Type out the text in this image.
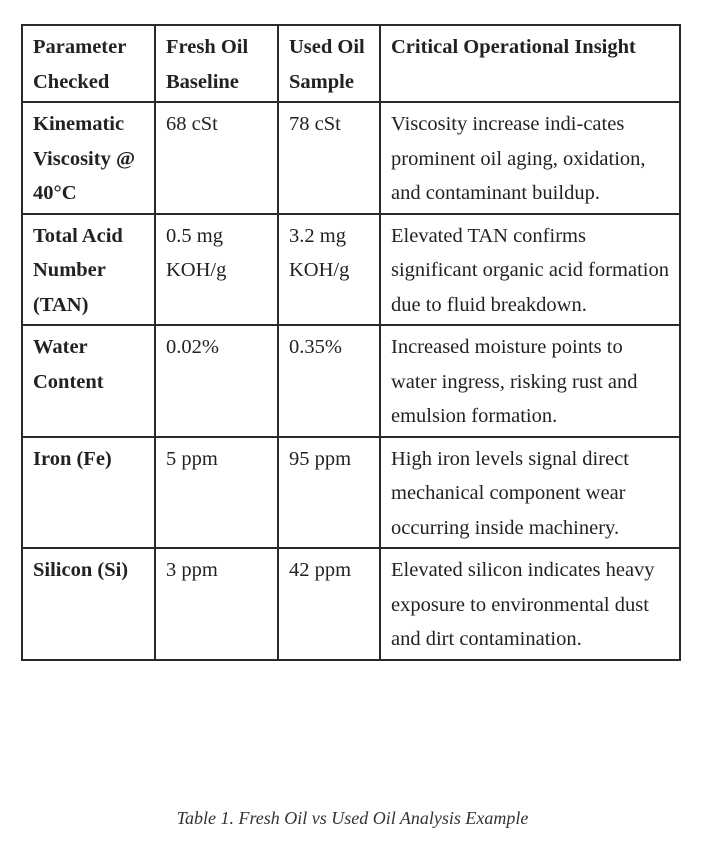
Parameter Checked	Fresh Oil Baseline	Used Oil Sample	Critical Operational Insight
Kinematic Viscosity @ 40°C	68 cSt	78 cSt	Viscosity increase indi-cates prominent oil aging, oxidation, and contaminant buildup.
Total Acid Number (TAN)	0.5 mg KOH/g	3.2 mg KOH/g	Elevated TAN confirms significant organic acid formation due to fluid breakdown.
Water Content	0.02%	0.35%	Increased moisture points to water ingress, risking rust and emulsion formation.
Iron (Fe)	5 ppm	95 ppm	High iron levels signal direct mechanical component wear occurring inside machinery.
Silicon (Si)	3 ppm	42 ppm	Elevated silicon indicates heavy exposure to environmental dust and dirt contamination.
Table 1. Fresh Oil vs Used Oil Analysis Example
